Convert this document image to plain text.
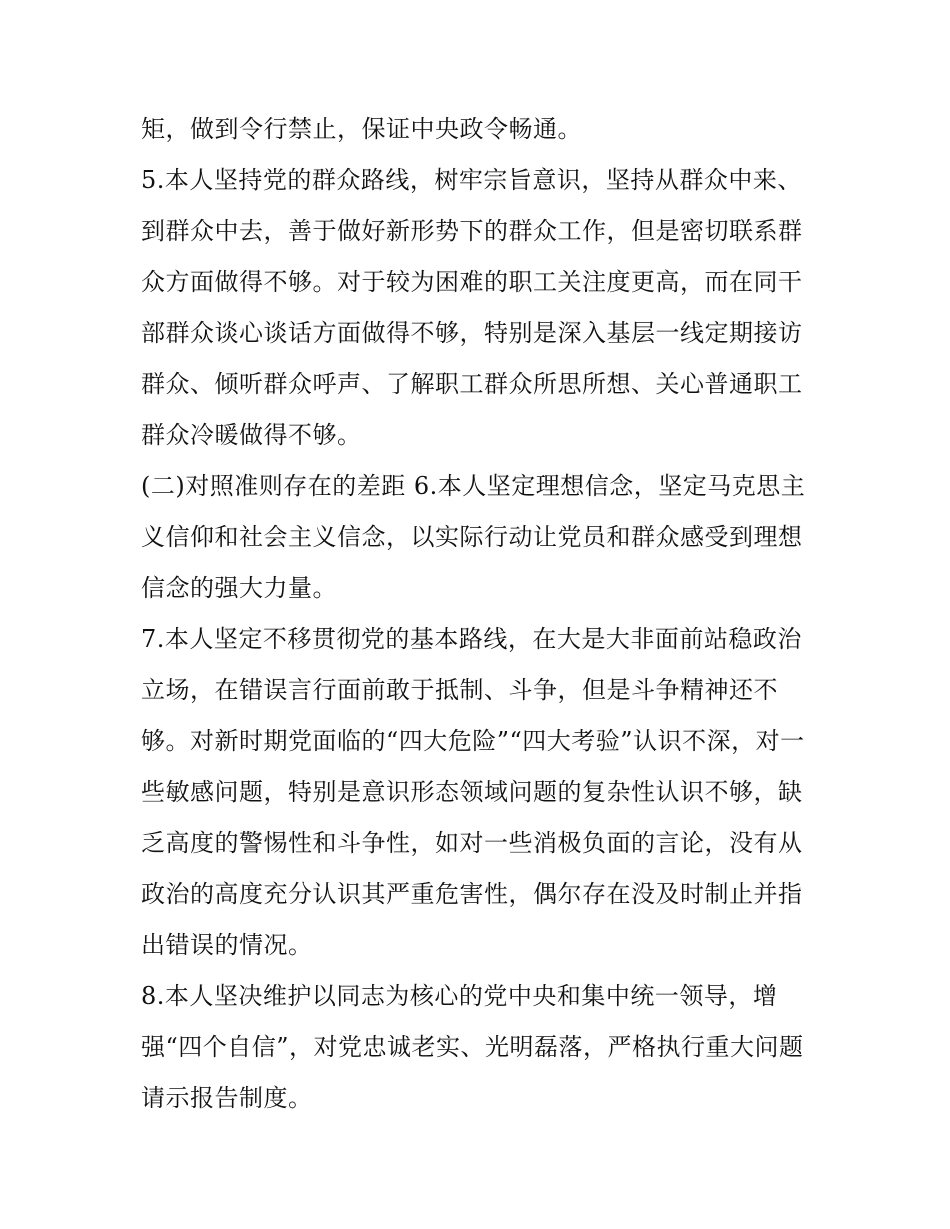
矩，做到令行禁止，保证中央政令畅通。
5.本人坚持党的群众路线，树牢宗旨意识，坚持从群众中来、
到群众中去，善于做好新形势下的群众工作，但是密切联系群
众方面做得不够。对于较为困难的职工关注度更高，而在同干
部群众谈心谈话方面做得不够，特别是深入基层一线定期接访
群众、倾听群众呼声、了解职工群众所思所想、关心普通职工
群众冷暖做得不够。
(二)对照准则存在的差距 6.本人坚定理想信念，坚定马克思主
义信仰和社会主义信念，以实际行动让党员和群众感受到理想
信念的强大力量。
7.本人坚定不移贯彻党的基本路线，在大是大非面前站稳政治
立场，在错误言行面前敢于抵制、斗争，但是斗争精神还不
够。对新时期党面临的“四大危险”“四大考验”认识不深，对一
些敏感问题，特别是意识形态领域问题的复杂性认识不够，缺
乏高度的警惕性和斗争性，如对一些消极负面的言论，没有从
政治的高度充分认识其严重危害性，偶尔存在没及时制止并指
出错误的情况。
8.本人坚决维护以同志为核心的党中央和集中统一领导，增
强“四个自信”，对党忠诚老实、光明磊落，严格执行重大问题
请示报告制度。
